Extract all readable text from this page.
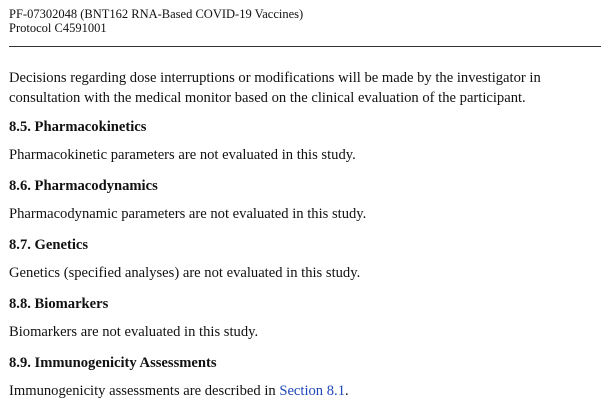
PF-07302048 (BNT162 RNA-Based COVID-19 Vaccines)
Protocol C4591001
Decisions regarding dose interruptions or modifications will be made by the investigator in consultation with the medical monitor based on the clinical evaluation of the participant.
8.5. Pharmacokinetics

Pharmacokinetic parameters are not evaluated in this study.

8.6. Pharmacodynamics

Pharmacodynamic parameters are not evaluated in this study.

8.7. Genetics

Genetics (specified analyses) are not evaluated in this study.

8.8. Biomarkers

Biomarkers are not evaluated in this study.

8.9. Immunogenicity Assessments

Immunogenicity assessments are described in Section 8.1.
